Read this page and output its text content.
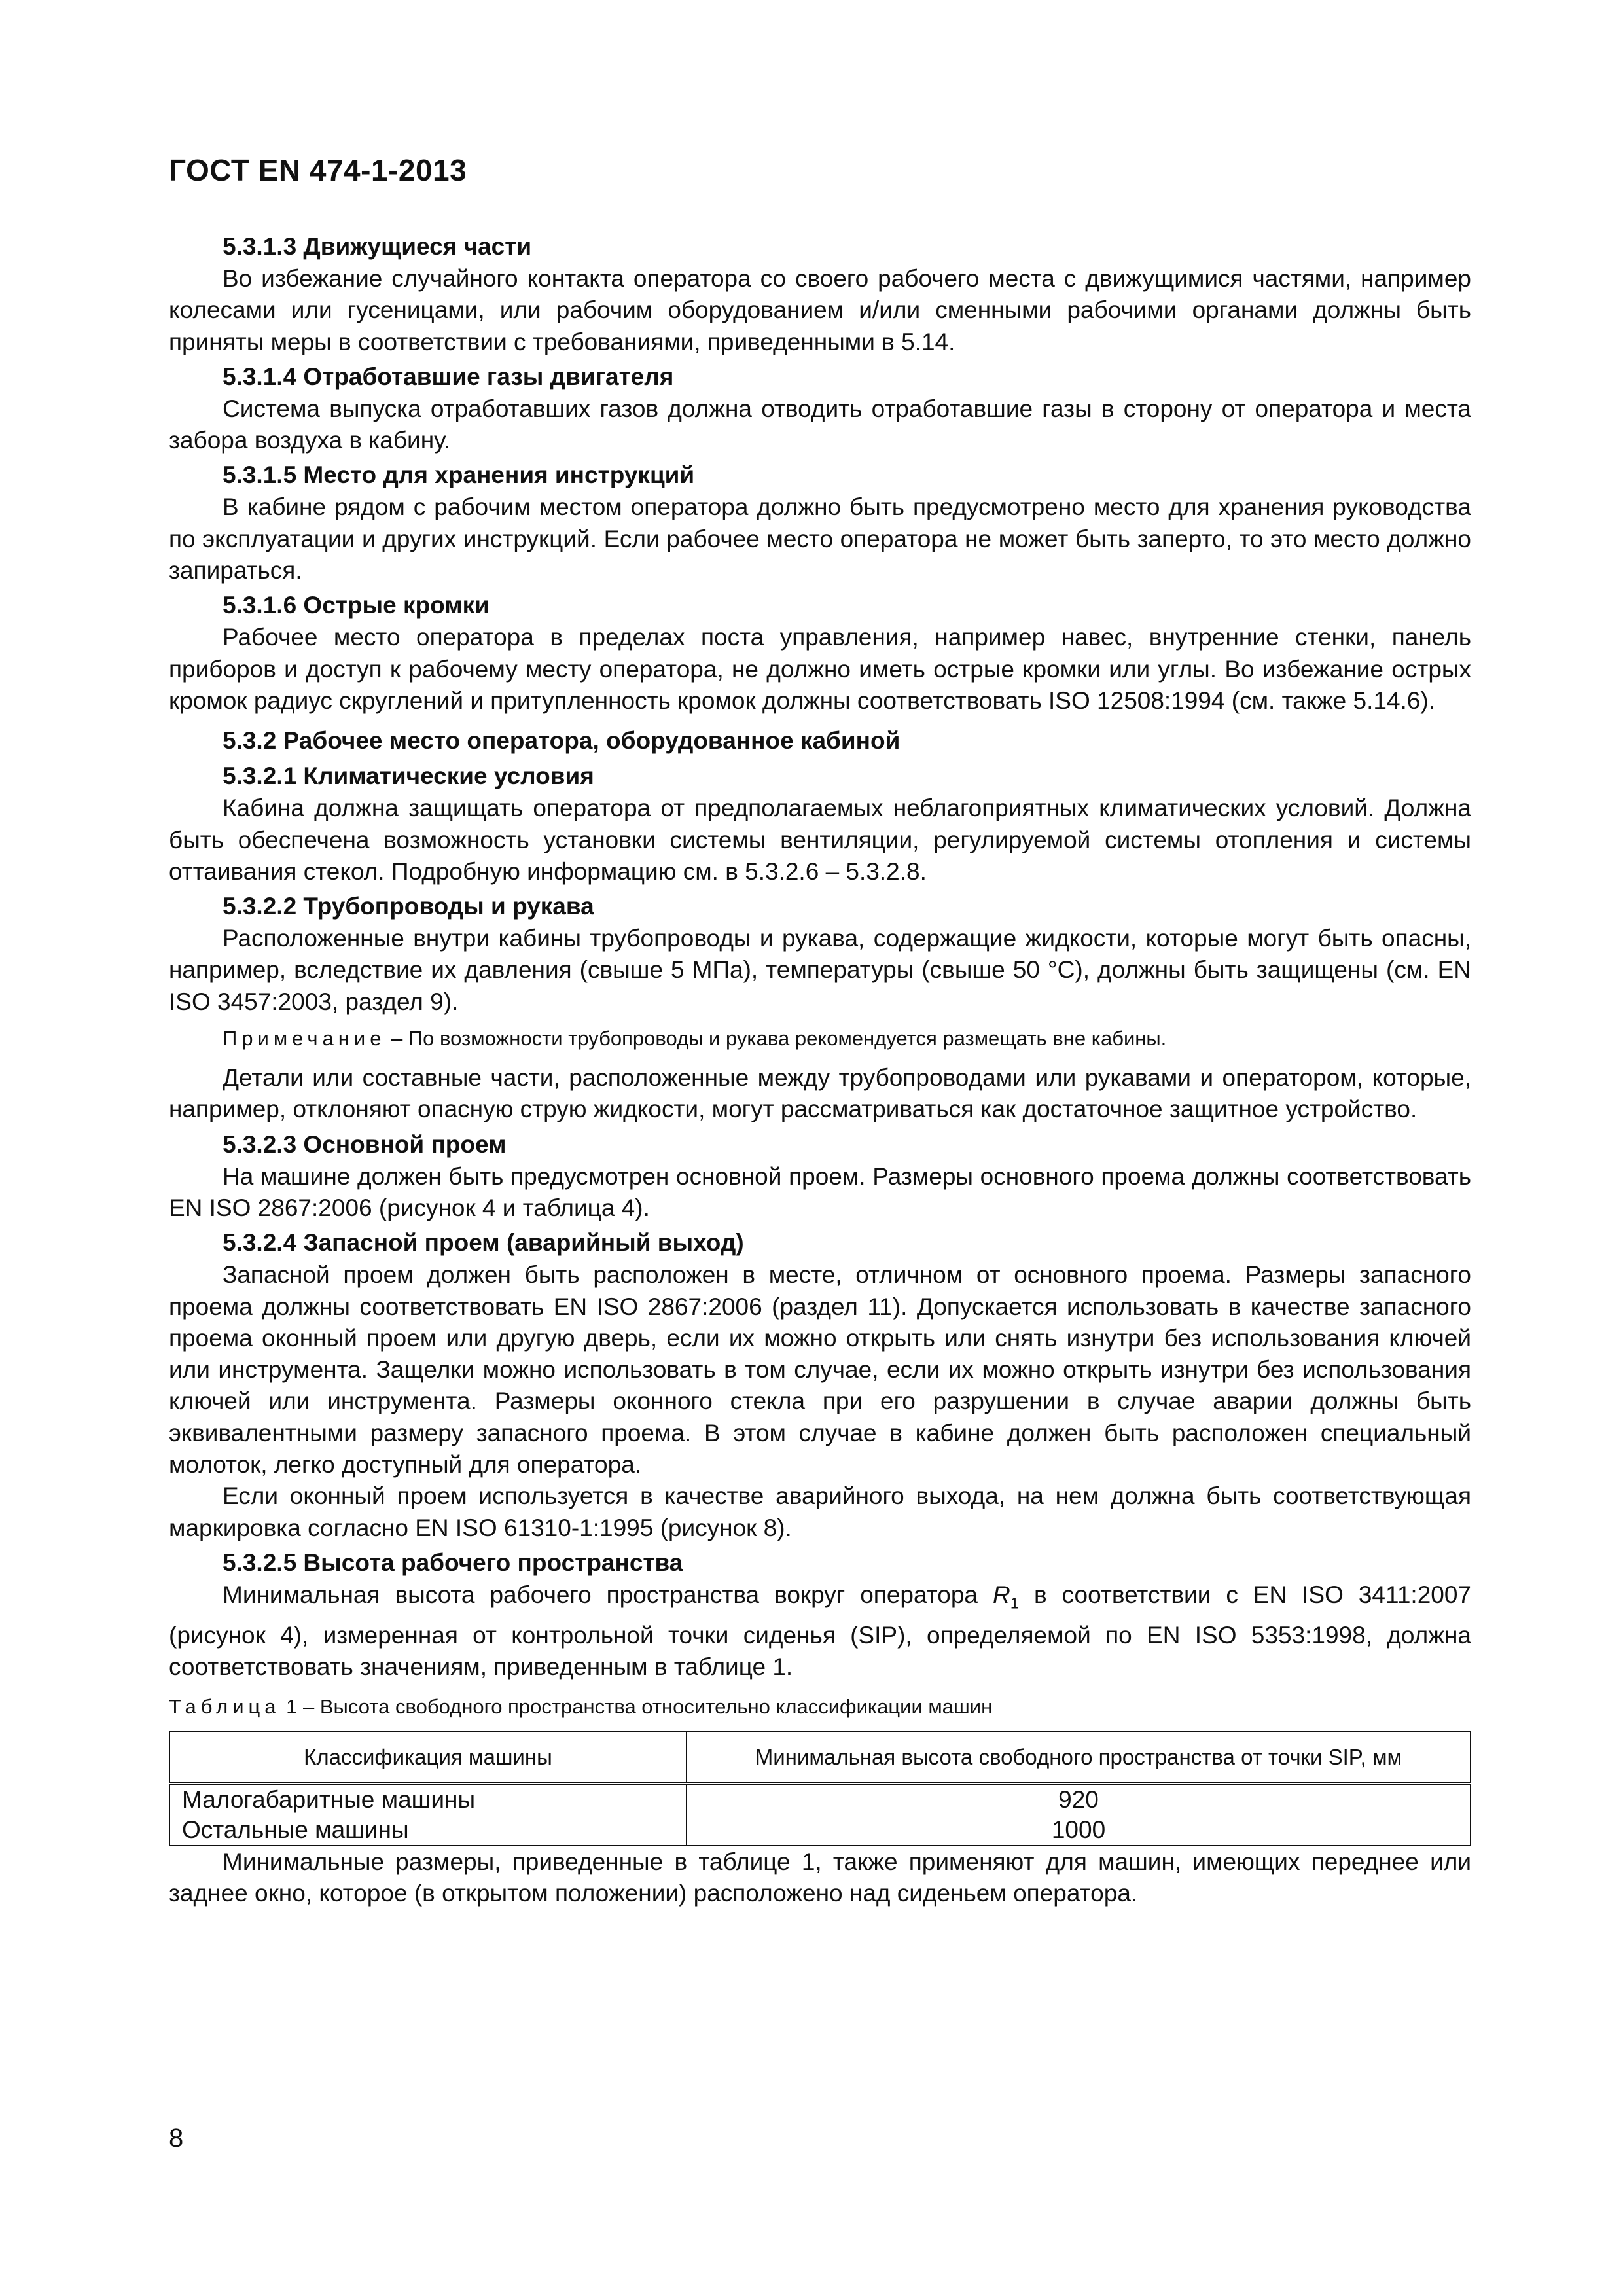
ГОСТ EN 474-1-2013
5.3.1.3 Движущиеся части

Во избежание случайного контакта оператора со своего рабочего места с движущимися частями, например колесами или гусеницами, или рабочим оборудованием и/или сменными рабочими органами должны быть приняты меры в соответствии с требованиями, приведенными в 5.14.

5.3.1.4 Отработавшие газы двигателя

Система выпуска отработавших газов должна отводить отработавшие газы в сторону от оператора и места забора воздуха в кабину.

5.3.1.5 Место для хранения инструкций

В кабине рядом с рабочим местом оператора должно быть предусмотрено место для хранения руководства по эксплуатации и других инструкций. Если рабочее место оператора не может быть заперто, то это место должно запираться.

5.3.1.6 Острые кромки

Рабочее место оператора в пределах поста управления, например навес, внутренние стенки, панель приборов и доступ к рабочему месту оператора, не должно иметь острые кромки или углы. Во избежание острых кромок радиус скруглений и притупленность кромок должны соответствовать ISO 12508:1994 (см. также 5.14.6).

5.3.2 Рабочее место оператора, оборудованное кабиной
5.3.2.1 Климатические условия

Кабина должна защищать оператора от предполагаемых неблагоприятных климатических условий. Должна быть обеспечена возможность установки системы вентиляции, регулируемой системы отопления и системы оттаивания стекол. Подробную информацию см. в 5.3.2.6 – 5.3.2.8.

5.3.2.2 Трубопроводы и рукава

Расположенные внутри кабины трубопроводы и рукава, содержащие жидкости, которые могут быть опасны, например, вследствие их давления (свыше 5 МПа), температуры (свыше 50 °С), должны быть защищены (см. EN ISO 3457:2003, раздел 9).

Примечание – По возможности трубопроводы и рукава рекомендуется размещать вне кабины.

Детали или составные части, расположенные между трубопроводами или рукавами и оператором, которые, например, отклоняют опасную струю жидкости, могут рассматриваться как достаточное защитное устройство.

5.3.2.3 Основной проем

На машине должен быть предусмотрен основной проем. Размеры основного проема должны соответствовать EN ISO 2867:2006 (рисунок 4 и таблица 4).

5.3.2.4 Запасной проем (аварийный выход)

Запасной проем должен быть расположен в месте, отличном от основного проема. Размеры запасного проема должны соответствовать EN ISO 2867:2006 (раздел 11). Допускается использовать в качестве запасного проема оконный проем или другую дверь, если их можно открыть или снять изнутри без использования ключей или инструмента. Защелки можно использовать в том случае, если их можно открыть изнутри без использования ключей или инструмента. Размеры оконного стекла при его разрушении в случае аварии должны быть эквивалентными размеру запасного проема. В этом случае в кабине должен быть расположен специальный молоток, легко доступный для оператора.

Если оконный проем используется в качестве аварийного выхода, на нем должна быть соответствующая маркировка согласно EN ISO 61310-1:1995 (рисунок 8).

5.3.2.5 Высота рабочего пространства

Минимальная высота рабочего пространства вокруг оператора $R_1$ в соответствии с EN ISO 3411:2007 (рисунок 4), измеренная от контрольной точки сиденья (SIP), определяемой по EN ISO 5353:1998, должна соответствовать значениям, приведенным в таблице 1.

Таблица 1 – Высота свободного пространства относительно классификации машин
Классификация машины	Минимальная высота свободного пространства от точки SIP, мм
Малогабаритные машины	920
Остальные машины	1000

Минимальные размеры, приведенные в таблице 1, также применяют для машин, имеющих переднее или заднее окно, которое (в открытом положении) расположено над сиденьем оператора.

8
